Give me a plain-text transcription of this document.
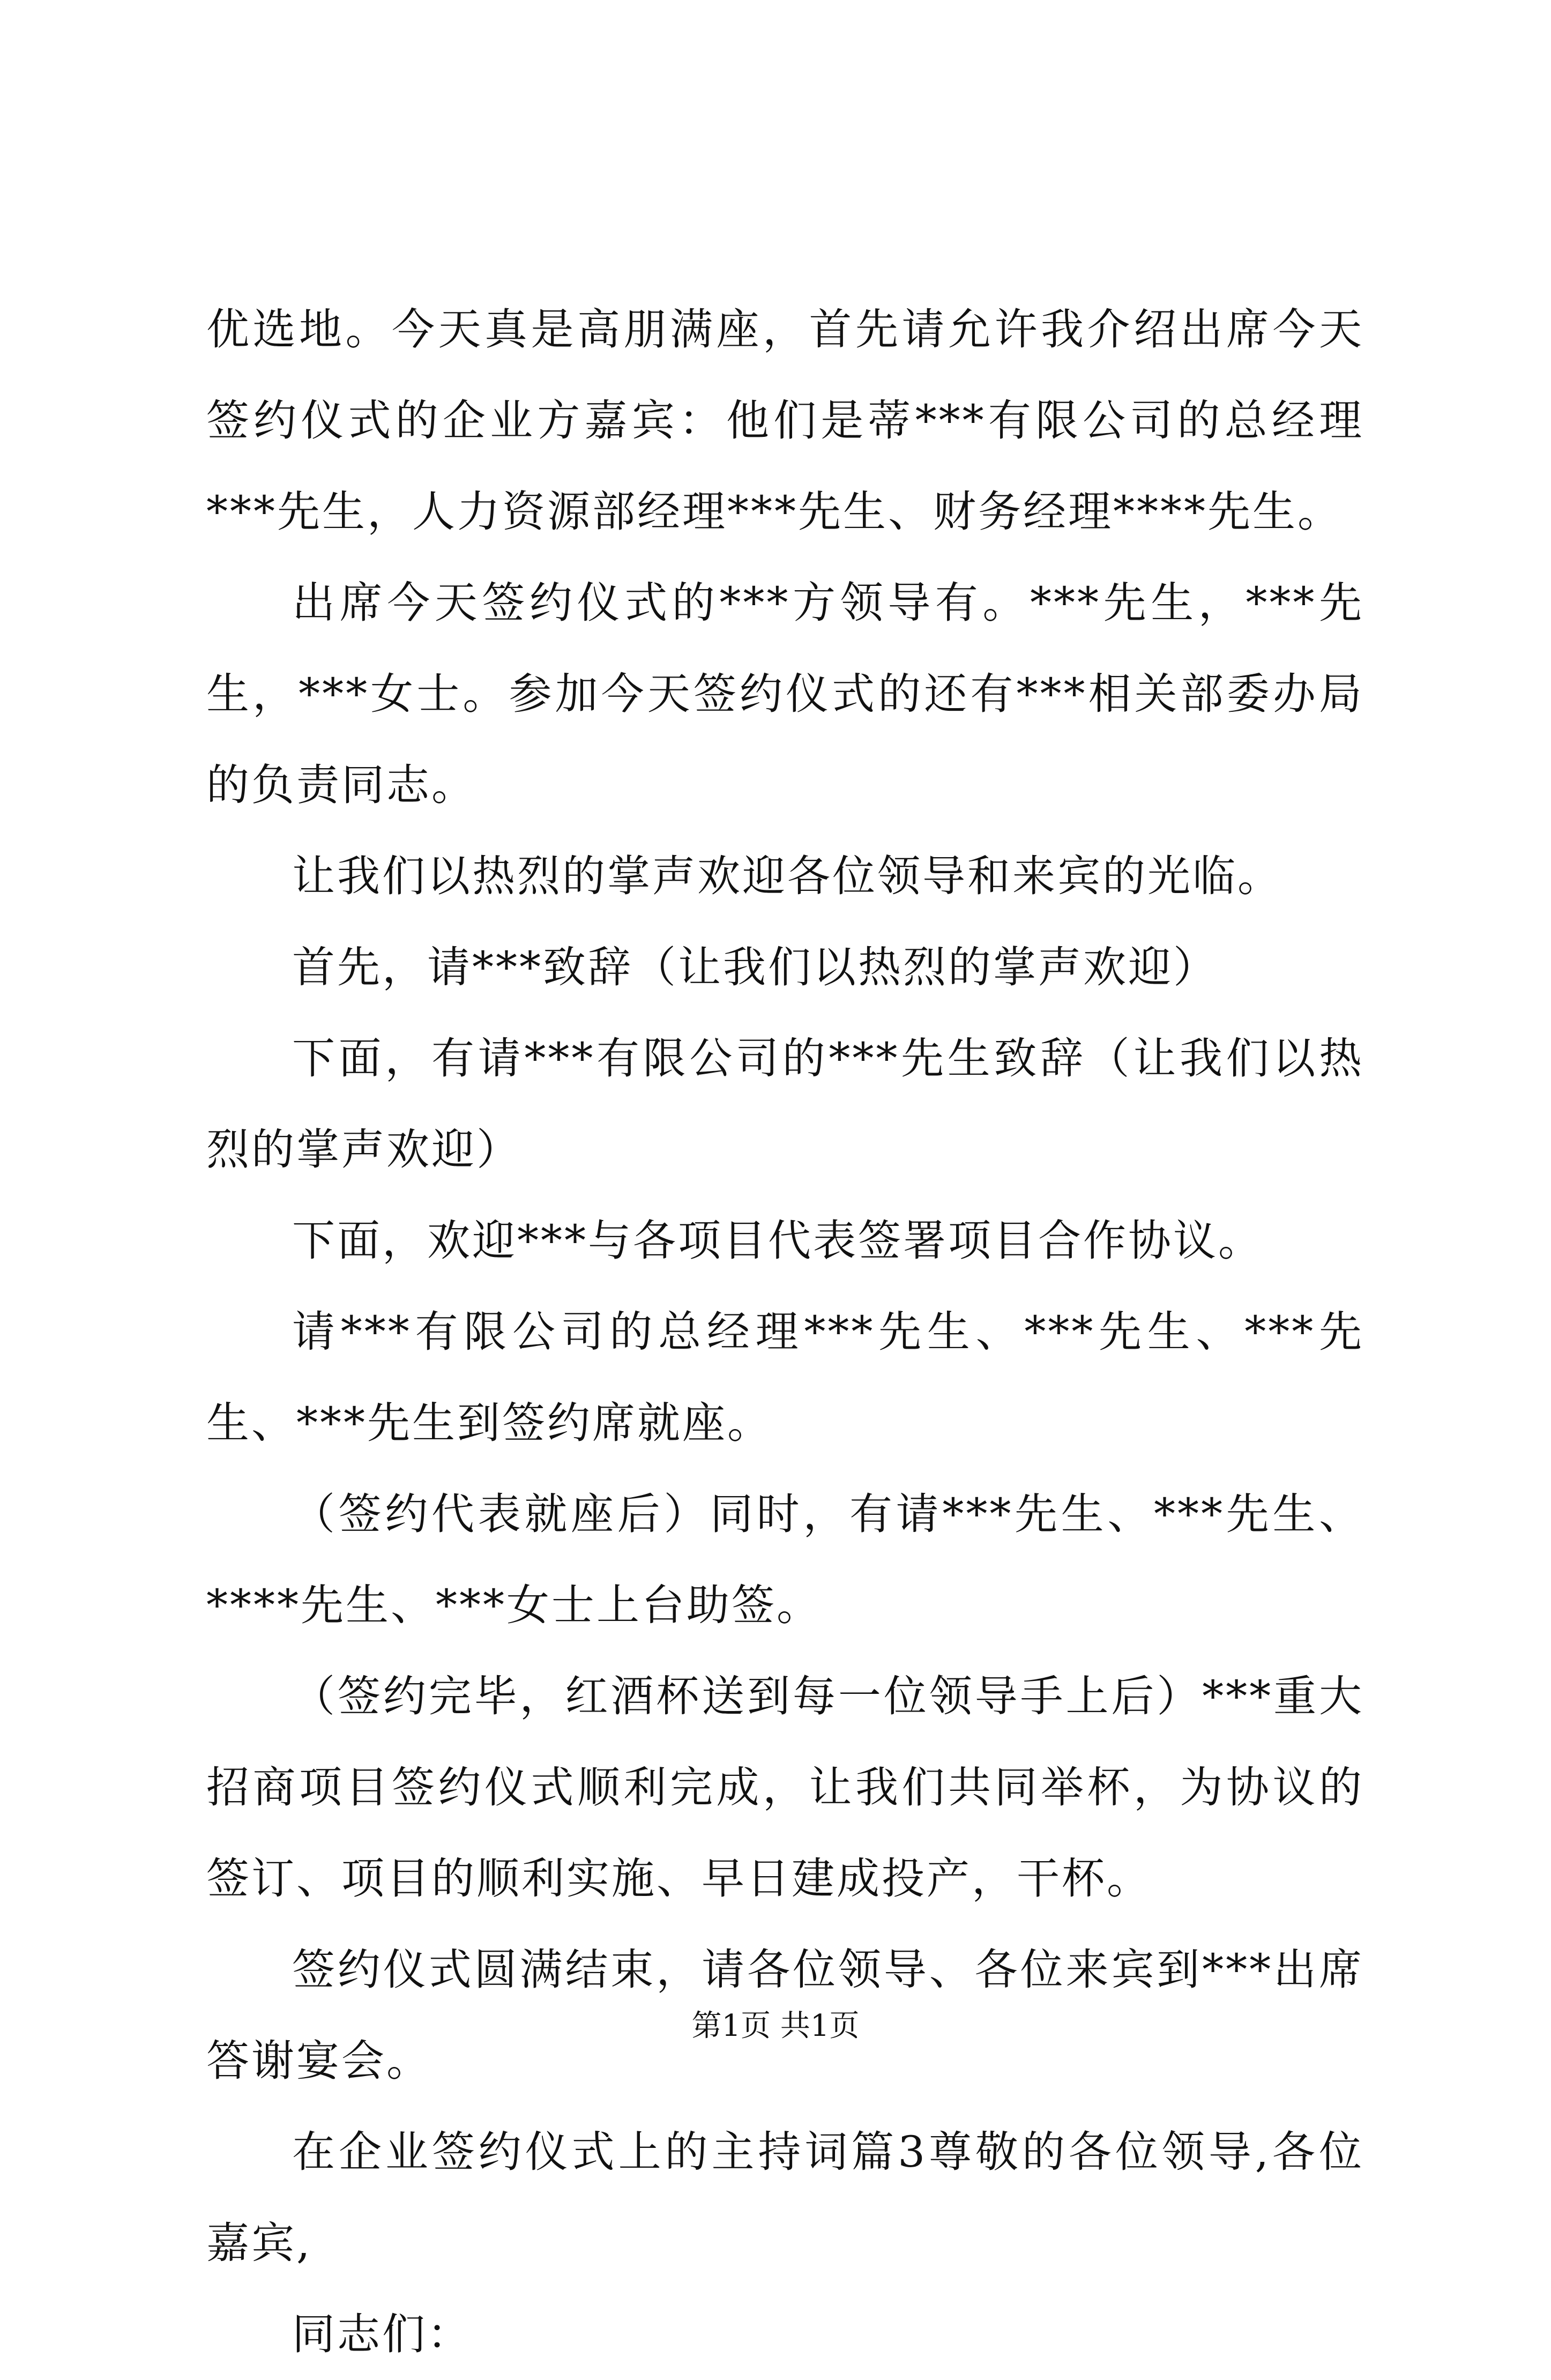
优选地。今天真是高朋满座，首先请允许我介绍出席今天签约仪式的企业方嘉宾：他们是蒂***有限公司的总经理***先生，人力资源部经理***先生、财务经理****先生。

出席今天签约仪式的***方领导有。***先生，***先生，***女士。参加今天签约仪式的还有***相关部委办局的负责同志。

让我们以热烈的掌声欢迎各位领导和来宾的光临。

首先，请***致辞（让我们以热烈的掌声欢迎）

下面，有请***有限公司的***先生致辞（让我们以热烈的掌声欢迎）

下面，欢迎***与各项目代表签署项目合作协议。

请***有限公司的总经理***先生、***先生、***先生、***先生到签约席就座。

（签约代表就座后）同时，有请***先生、***先生、****先生、***女士上台助签。

（签约完毕，红酒杯送到每一位领导手上后）***重大招商项目签约仪式顺利完成，让我们共同举杯，为协议的签订、项目的顺利实施、早日建成投产，干杯。

签约仪式圆满结束，请各位领导、各位来宾到***出席答谢宴会。

在企业签约仪式上的主持词篇3尊敬的各位领导,各位嘉宾,

同志们：

第1页 共1页
